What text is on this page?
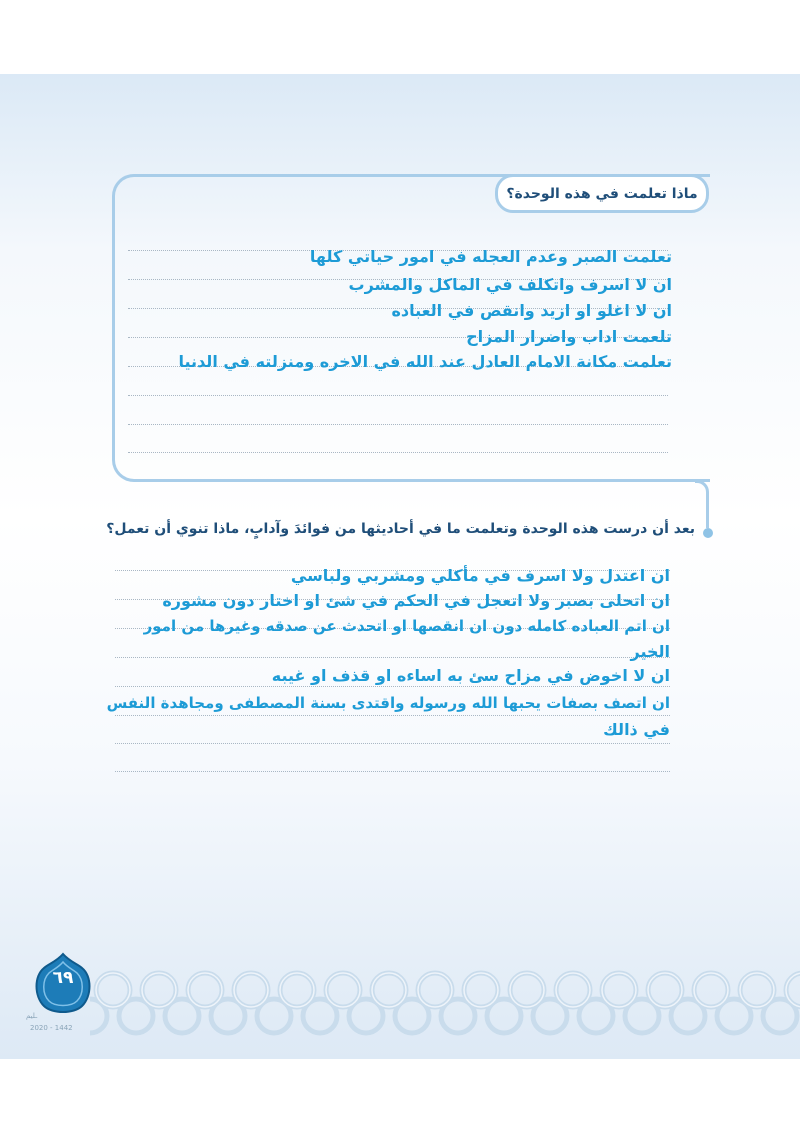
ماذا تعلمت في هذه الوحدة؟
تعلمت الصبر وعدم العجله في امور حياتي كلها
ان لا اسرف واتكلف في الماكل والمشرب
ان لا اغلو او ازيد وانقص في العباده
تلعمت اداب واضرار المزاح
تعلمت مكانة الامام العادل عند الله في الاخره ومنزلته في الدنيا
بعد أن درست هذه الوحدة وتعلمت ما في أحاديثها من فوائدَ وآدابٍ، ماذا تنوي أن تعمل؟
ان اعتدل ولا اسرف في مأكلي ومشربي ولباسي
ان اتحلى بصبر ولا اتعجل في الحكم في شئ او اختار دون مشوره
ان اتم العباده كامله دون ان انقصها او اتحدث عن صدقه وغيرها من امور
الخير
ان لا اخوض في مزاح سئ به اساءه او قذف او غيبه
ان اتصف بصفات يحبها الله ورسوله واقتدى بسنة المصطفى ومجاهدة النفس
في ذالك
٦٩
ـليم
2020 - 1442
